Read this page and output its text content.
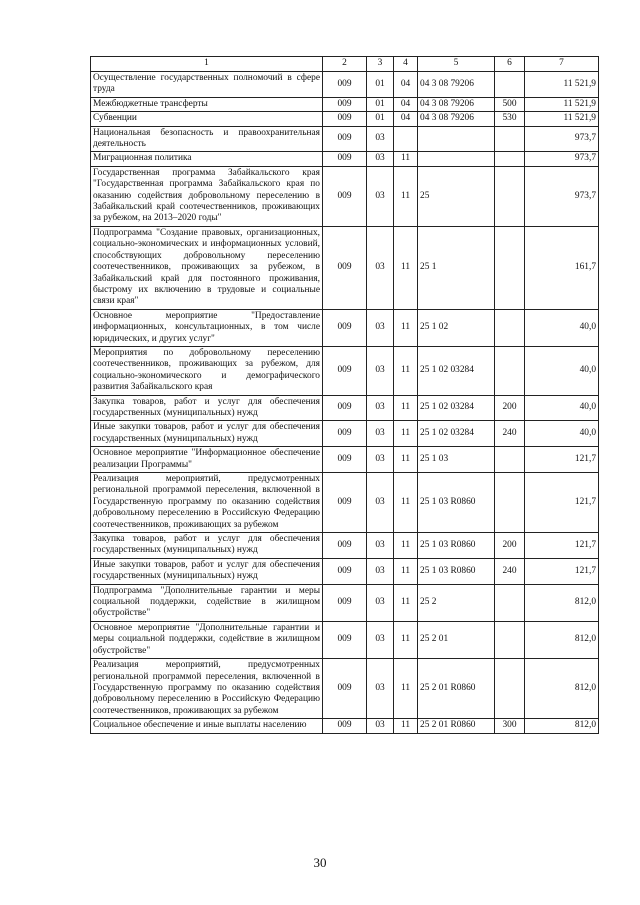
1	2	3	4	5	6	7
Осуществление государственных полномочий в сфере труда	009	01	04	04 3 08 79206		11 521,9
Межбюджетные трансферты	009	01	04	04 3 08 79206	500	11 521,9
Субвенции	009	01	04	04 3 08 79206	530	11 521,9
Национальная безопасность и правоохранительная деятельность	009	03				973,7
Миграционная политика	009	03	11			973,7
Государственная программа Забайкальского края "Государственная программа Забайкальского края по оказанию содействия добровольному переселению в Забайкальский край соотечественников, проживающих за рубежом, на 2013–2020 годы"	009	03	11	25		973,7
Подпрограмма "Создание правовых, организационных, социально-экономических и информационных условий, способствующих добровольному переселению соотечественников, проживающих за рубежом, в Забайкальский край для постоянного проживания, быстрому их включению в трудовые и социальные связи края"	009	03	11	25 1		161,7
Основное мероприятие "Предоставление информационных, консультационных, в том числе юридических, и других услуг"	009	03	11	25 1 02		40,0
Мероприятия по добровольному переселению соотечественников, проживающих за рубежом, для социально-экономического и демографического развития Забайкальского края	009	03	11	25 1 02 03284		40,0
Закупка товаров, работ и услуг для обеспечения государственных (муниципальных) нужд	009	03	11	25 1 02 03284	200	40,0
Иные закупки товаров, работ и услуг для обеспечения государственных (муниципальных) нужд	009	03	11	25 1 02 03284	240	40,0
Основное мероприятие "Информационное обеспечение реализации Программы"	009	03	11	25 1 03		121,7
Реализация мероприятий, предусмотренных региональной программой переселения, включенной в Государственную программу по оказанию содействия добровольному переселению в Российскую Федерацию соотечественников, проживающих за рубежом	009	03	11	25 1 03 R0860		121,7
Закупка товаров, работ и услуг для обеспечения государственных (муниципальных) нужд	009	03	11	25 1 03 R0860	200	121,7
Иные закупки товаров, работ и услуг для обеспечения государственных (муниципальных) нужд	009	03	11	25 1 03 R0860	240	121,7
Подпрограмма "Дополнительные гарантии и меры социальной поддержки, содействие в жилищном обустройстве"	009	03	11	25 2		812,0
Основное мероприятие "Дополнительные гарантии и меры социальной поддержки, содействие в жилищном обустройстве"	009	03	11	25 2 01		812,0
Реализация мероприятий, предусмотренных региональной программой переселения, включенной в Государственную программу по оказанию содействия добровольному переселению в Российскую Федерацию соотечественников, проживающих за рубежом	009	03	11	25 2 01 R0860		812,0
Социальное обеспечение и иные выплаты населению	009	03	11	25 2 01 R0860	300	812,0
30
